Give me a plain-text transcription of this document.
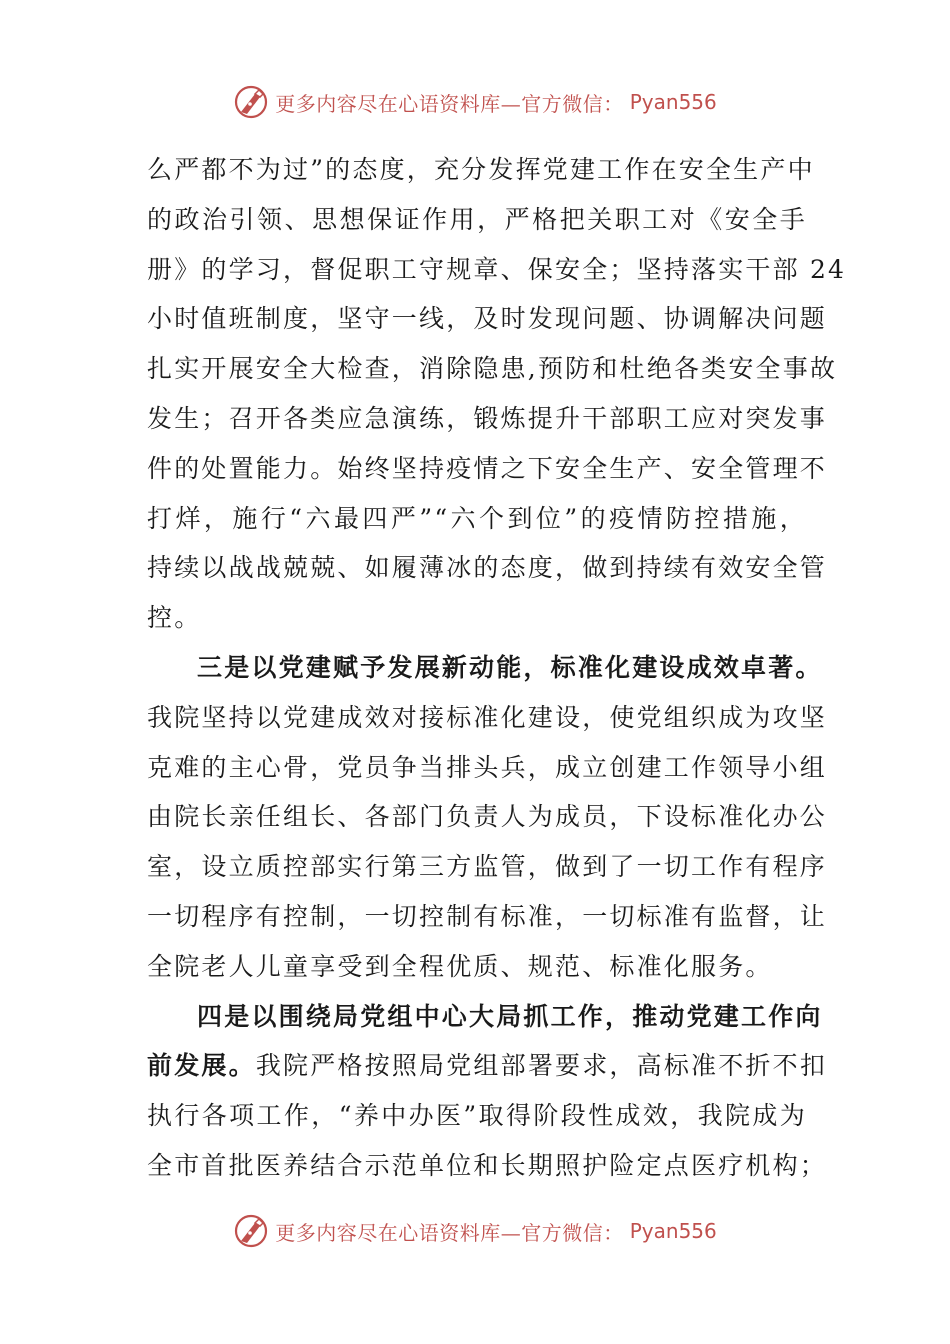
更多内容尽在心语资料库—官方微信： Pyan556
么严都不为过”的态度，充分发挥党建工作在安全生产中
的政治引领、思想保证作用，严格把关职工对《安全手
册》的学习，督促职工守规章、保安全；坚持落实干部 24
小时值班制度，坚守一线，及时发现问题、协调解决问题
扎实开展安全大检查，消除隐患,预防和杜绝各类安全事故
发生；召开各类应急演练，锻炼提升干部职工应对突发事
件的处置能力。始终坚持疫情之下安全生产、安全管理不
打烊，施行“六最四严”“六个到位”的疫情防控措施，
持续以战战兢兢、如履薄冰的态度，做到持续有效安全管
控。
三是以党建赋予发展新动能，标准化建设成效卓著。
我院坚持以党建成效对接标准化建设，使党组织成为攻坚
克难的主心骨，党员争当排头兵，成立创建工作领导小组
由院长亲任组长、各部门负责人为成员，下设标准化办公
室，设立质控部实行第三方监管，做到了一切工作有程序
一切程序有控制，一切控制有标准，一切标准有监督，让
全院老人儿童享受到全程优质、规范、标准化服务。
四是以围绕局党组中心大局抓工作，推动党建工作向
前发展。我院严格按照局党组部署要求，高标准不折不扣
执行各项工作，“养中办医”取得阶段性成效，我院成为
全市首批医养结合示范单位和长期照护险定点医疗机构；
更多内容尽在心语资料库—官方微信： Pyan556
